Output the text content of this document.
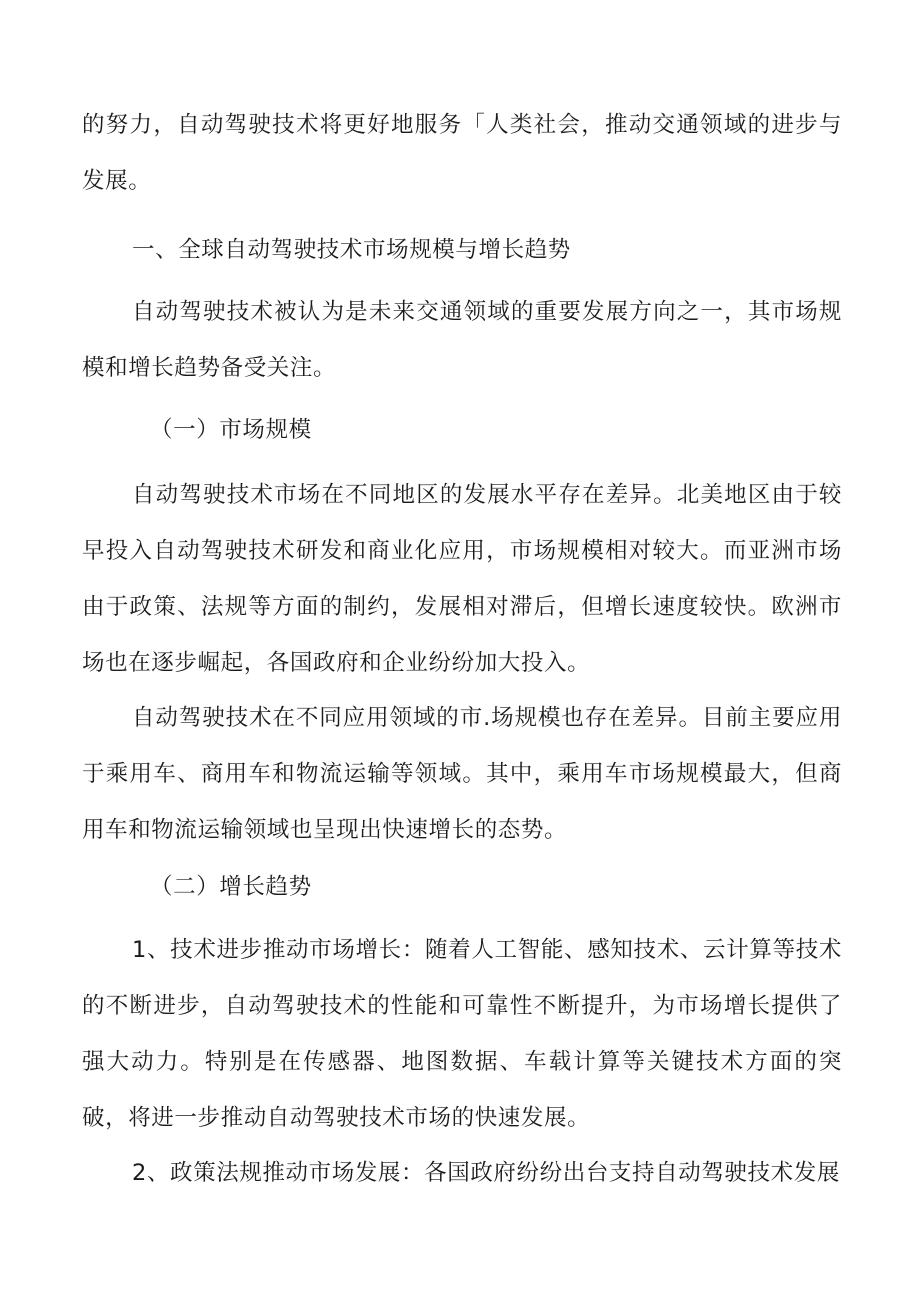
的努力，自动驾驶技术将更好地服务「人类社会，推动交通领域的进步与发展。

一、全球自动驾驶技术市场规模与增长趋势

自动驾驶技术被认为是未来交通领域的重要发展方向之一，其市场规模和增长趋势备受关注。

（一）市场规模

自动驾驶技术市场在不同地区的发展水平存在差异。北美地区由于较早投入自动驾驶技术研发和商业化应用，市场规模相对较大。而亚洲市场由于政策、法规等方面的制约，发展相对滞后，但增长速度较快。欧洲市场也在逐步崛起，各国政府和企业纷纷加大投入。

自动驾驶技术在不同应用领域的市.场规模也存在差异。目前主要应用于乘用车、商用车和物流运输等领域。其中，乘用车市场规模最大，但商用车和物流运输领域也呈现出快速增长的态势。

（二）增长趋势

1、技术进步推动市场增长：随着人工智能、感知技术、云计算等技术的不断进步，自动驾驶技术的性能和可靠性不断提升，为市场增长提供了强大动力。特别是在传感器、地图数据、车载计算等关键技术方面的突破，将进一步推动自动驾驶技术市场的快速发展。

2、政策法规推动市场发展：各国政府纷纷出台支持自动驾驶技术发展
